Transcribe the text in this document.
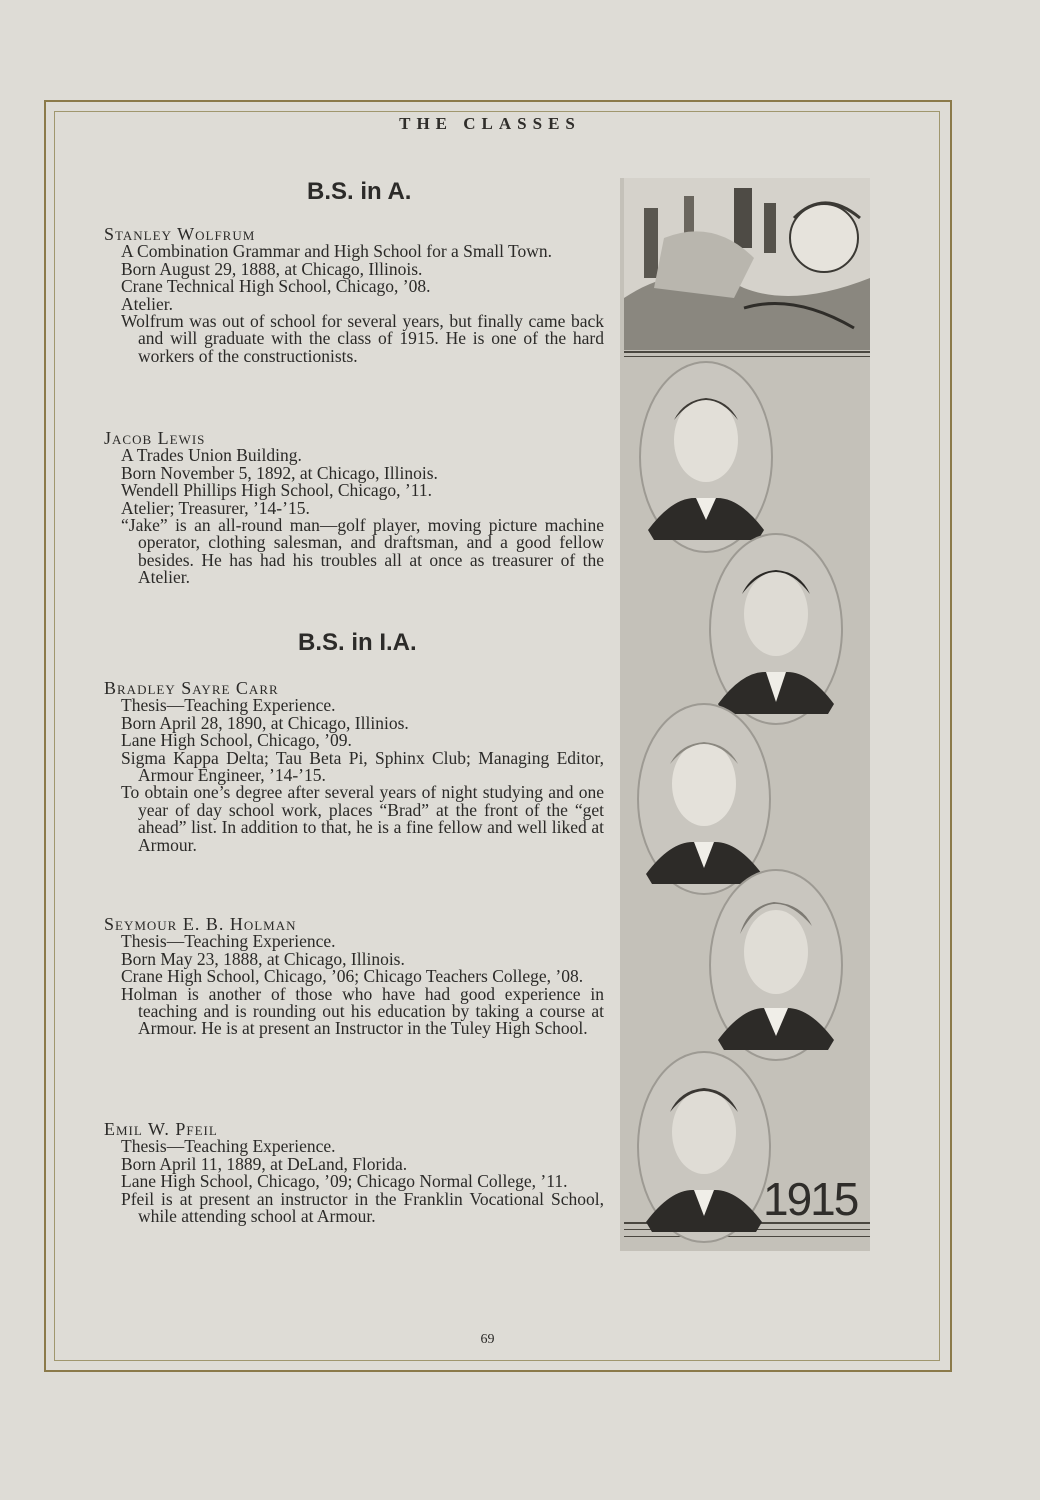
THE CLASSES
B.S. in A.
B.S. in I.A.
Stanley Wolfrum
A Combination Grammar and High School for a Small Town.
Born August 29, 1888, at Chicago, Illinois.
Crane Technical High School, Chicago, ’08.
Atelier.
Wolfrum was out of school for several years, but finally came back and will graduate with the class of 1915. He is one of the hard workers of the constructionists.
Jacob Lewis
A Trades Union Building.
Born November 5, 1892, at Chicago, Illinois.
Wendell Phillips High School, Chicago, ’11.
Atelier; Treasurer, ’14-’15.
“Jake” is an all-round man—golf player, moving picture machine operator, clothing salesman, and draftsman, and a good fellow besides. He has had his troubles all at once as treasurer of the Atelier.
Bradley Sayre Carr
Thesis—Teaching Experience.
Born April 28, 1890, at Chicago, Illinios.
Lane High School, Chicago, ’09.
Sigma Kappa Delta; Tau Beta Pi, Sphinx Club; Managing Editor, Armour Engineer, ’14-’15.
To obtain one’s degree after several years of night studying and one year of day school work, places “Brad” at the front of the “get ahead” list. In addition to that, he is a fine fellow and well liked at Armour.
Seymour E. B. Holman
Thesis—Teaching Experience.
Born May 23, 1888, at Chicago, Illinois.
Crane High School, Chicago, ’06; Chicago Teachers College, ’08.
Holman is another of those who have had good experience in teaching and is rounding out his education by taking a course at Armour. He is at present an Instructor in the Tuley High School.
Emil W. Pfeil
Thesis—Teaching Experience.
Born April 11, 1889, at DeLand, Florida.
Lane High School, Chicago, ’09; Chicago Normal College, ’11.
Pfeil is at present an instructor in the Franklin Vocational School, while attending school at Armour.	1915
69
